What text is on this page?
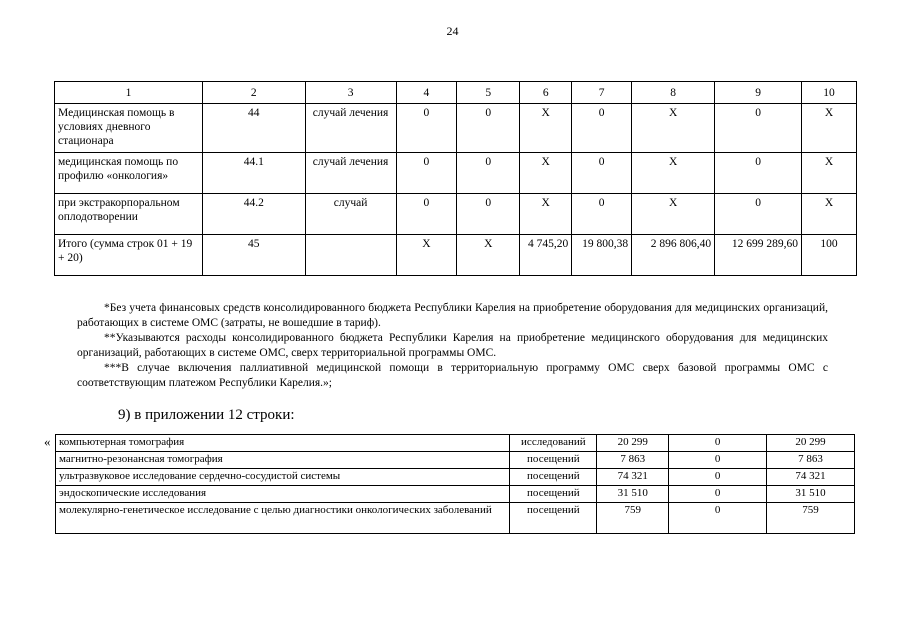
24
1	2	3	4	5	6	7	8	9	10
Медицинская помощь в условиях дневного стационара	44	случай лечения	0	0	X	0	X	0	X
медицинская помощь по профилю «онкология»	44.1	случай лечения	0	0	X	0	X	0	X
при экстракорпоральном оплодотворении	44.2	случай	0	0	X	0	X	0	X
Итого (сумма строк 01 + 19 + 20)	45		X	X	4 745,20	19 800,38	2 896 806,40	12 699 289,60	100

*Без учета финансовых средств консолидированного бюджета Республики Карелия на приобретение оборудования для медицинских организаций, работающих в системе ОМС (затраты, не вошедшие в тариф).

**Указываются расходы консолидированного бюджета Республики Карелия на приобретение медицинского оборудования для медицинских организаций, работающих в системе ОМС, сверх территориальной программы ОМС.

***В случае включения паллиативной медицинской помощи в территориальную программу ОМС сверх базовой программы ОМС с соответствующим платежом Республики Карелия.»;

9) в приложении 12 строки:
« компьютерная томография	исследований	20 299	0	20 299
магнитно-резонансная томография	посещений	7 863	0	7 863
ультразвуковое исследование сердечно-сосудистой системы	посещений	74 321	0	74 321
эндоскопические исследования	посещений	31 510	0	31 510
молекулярно-генетическое исследование с целью диагностики онкологических заболеваний	посещений	759	0	759
